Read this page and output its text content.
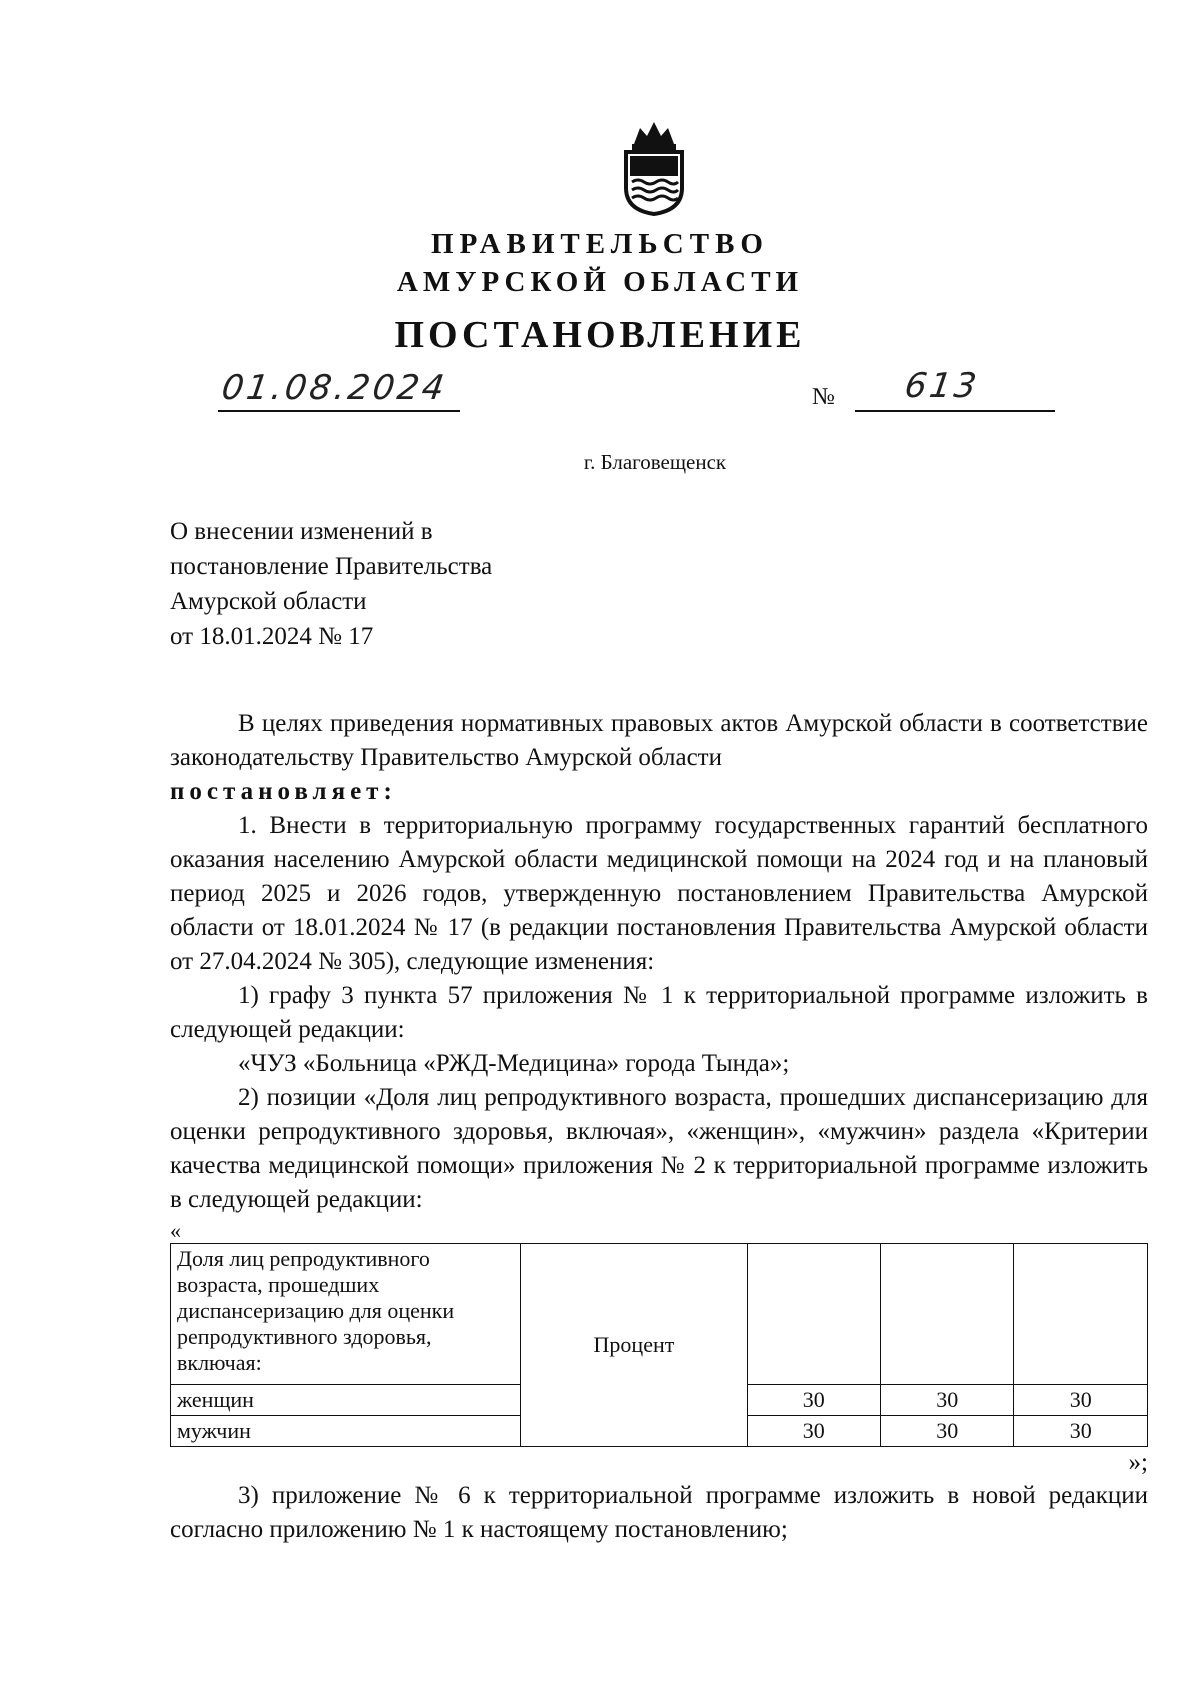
ПРАВИТЕЛЬСТВО
АМУРСКОЙ ОБЛАСТИ
ПОСТАНОВЛЕНИЕ
01.08.2024	№ 613
г. Благовещенск
О внесении изменений в
постановление Правительства
Амурской области
от 18.01.2024 № 17
В целях приведения нормативных правовых актов Амурской области в соответствие законодательству Правительство Амурской области
постановляет:
1. Внести в территориальную программу государственных гарантий бесплатного оказания населению Амурской области медицинской помощи на 2024 год и на плановый период 2025 и 2026 годов, утвержденную постановлением Правительства Амурской области от 18.01.2024 № 17 (в редакции постановления Правительства Амурской области от 27.04.2024 № 305), следующие изменения:
1) графу 3 пункта 57 приложения № 1 к территориальной программе изложить в следующей редакции:
«ЧУЗ «Больница «РЖД-Медицина» города Тында»;
2) позиции «Доля лиц репродуктивного возраста, прошедших диспансеризацию для оценки репродуктивного здоровья, включая», «женщин», «мужчин» раздела «Критерии качества медицинской помощи» приложения № 2 к территориальной программе изложить в следующей редакции:
«
Доля лиц репродуктивного возраста, прошедших диспансеризацию для оценки репродуктивного здоровья, включая:	Процент			
женщин		30	30	30
мужчин		30	30	30
»;
3) приложение № 6 к территориальной программе изложить в новой редакции согласно приложению № 1 к настоящему постановлению;
